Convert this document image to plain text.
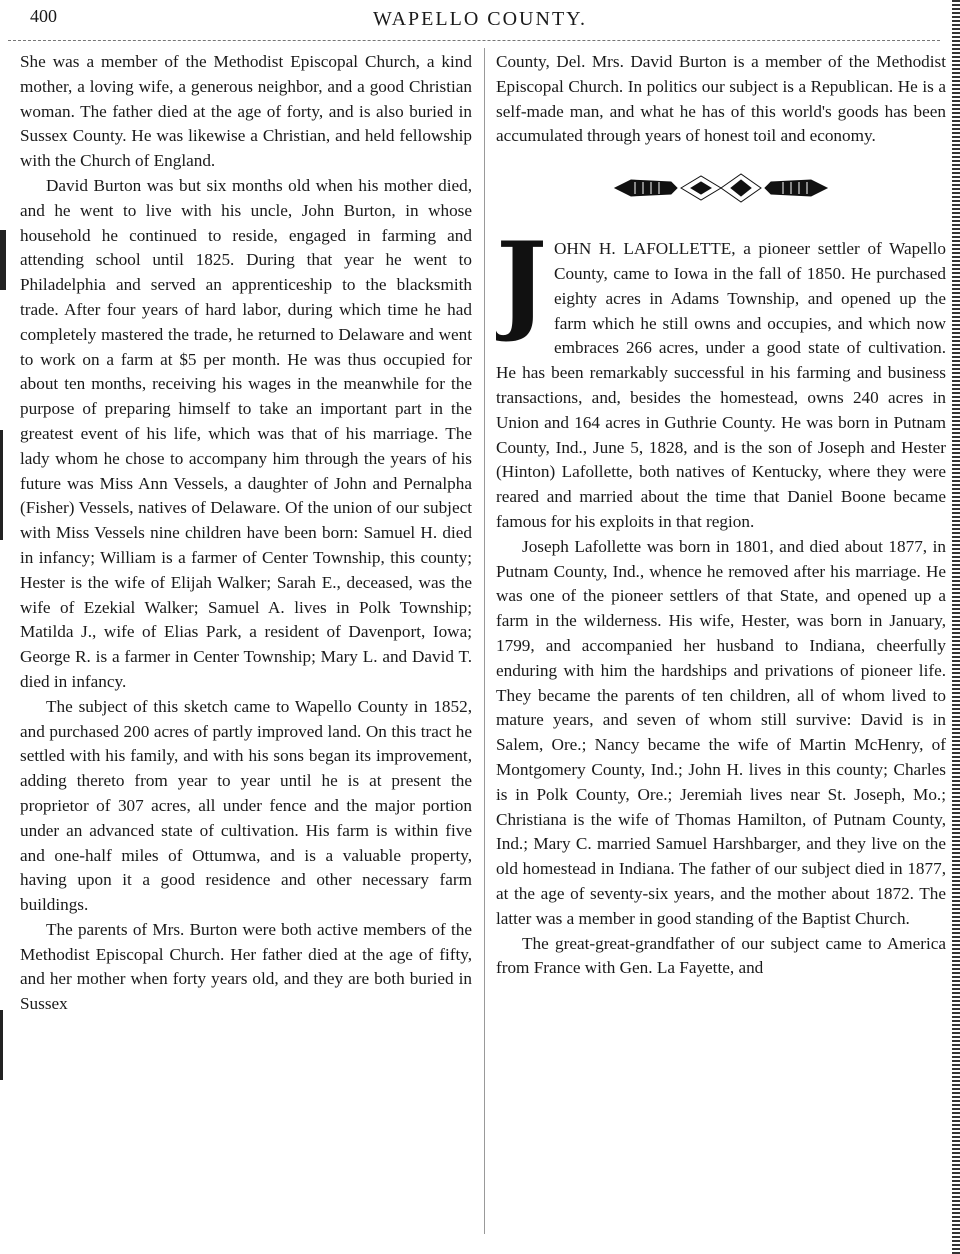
400	WAPELLO COUNTY.

She was a member of the Methodist Episcopal Church, a kind mother, a loving wife, a generous neighbor, and a good Christian woman. The father died at the age of forty, and is also buried in Sussex County. He was likewise a Christian, and held fellowship with the Church of England.

David Burton was but six months old when his mother died, and he went to live with his uncle, John Burton, in whose household he continued to reside, engaged in farming and attending school until 1825. During that year he went to Philadelphia and served an apprenticeship to the blacksmith trade. After four years of hard labor, during which time he had completely mastered the trade, he returned to Delaware and went to work on a farm at $5 per month. He was thus occupied for about ten months, receiving his wages in the meanwhile for the purpose of preparing himself to take an important part in the greatest event of his life, which was that of his marriage. The lady whom he chose to accompany him through the years of his future was Miss Ann Vessels, a daughter of John and Pernalpha (Fisher) Vessels, natives of Delaware. Of the union of our subject with Miss Vessels nine children have been born: Samuel H. died in infancy; William is a farmer of Center Township, this county; Hester is the wife of Elijah Walker; Sarah E., deceased, was the wife of Ezekial Walker; Samuel A. lives in Polk Township; Matilda J., wife of Elias Park, a resident of Davenport, Iowa; George R. is a farmer in Center Township; Mary L. and David T. died in infancy.

The subject of this sketch came to Wapello County in 1852, and purchased 200 acres of partly improved land. On this tract he settled with his family, and with his sons began its improvement, adding thereto from year to year until he is at present the proprietor of 307 acres, all under fence and the major portion under an advanced state of cultivation. His farm is within five and one-half miles of Ottumwa, and is a valuable property, having upon it a good residence and other necessary farm buildings.

The parents of Mrs. Burton were both active members of the Methodist Episcopal Church. Her father died at the age of fifty, and her mother when forty years old, and they are both buried in Sussex

County, Del. Mrs. David Burton is a member of the Methodist Episcopal Church. In politics our subject is a Republican. He is a self-made man, and what he has of this world's goods has been accumulated through years of honest toil and economy.

J OHN H. LAFOLLETTE, a pioneer settler of Wapello County, came to Iowa in the fall of 1850. He purchased eighty acres in Adams Township, and opened up the farm which he still owns and occupies, and which now embraces 266 acres, under a good state of cultivation. He has been remarkably successful in his farming and business transactions, and, besides the homestead, owns 240 acres in Union and 164 acres in Guthrie County. He was born in Putnam County, Ind., June 5, 1828, and is the son of Joseph and Hester (Hinton) Lafollette, both natives of Kentucky, where they were reared and married about the time that Daniel Boone became famous for his exploits in that region.

Joseph Lafollette was born in 1801, and died about 1877, in Putnam County, Ind., whence he removed after his marriage. He was one of the pioneer settlers of that State, and opened up a farm in the wilderness. His wife, Hester, was born in January, 1799, and accompanied her husband to Indiana, cheerfully enduring with him the hardships and privations of pioneer life. They became the parents of ten children, all of whom lived to mature years, and seven of whom still survive: David is in Salem, Ore.; Nancy became the wife of Martin McHenry, of Montgomery County, Ind.; John H. lives in this county; Charles is in Polk County, Ore.; Jeremiah lives near St. Joseph, Mo.; Christiana is the wife of Thomas Hamilton, of Putnam County, Ind.; Mary C. married Samuel Harshbarger, and they live on the old homestead in Indiana. The father of our subject died in 1877, at the age of seventy-six years, and the mother about 1872. The latter was a member in good standing of the Baptist Church.

The great-great-grandfather of our subject came to America from France with Gen. La Fayette, and
